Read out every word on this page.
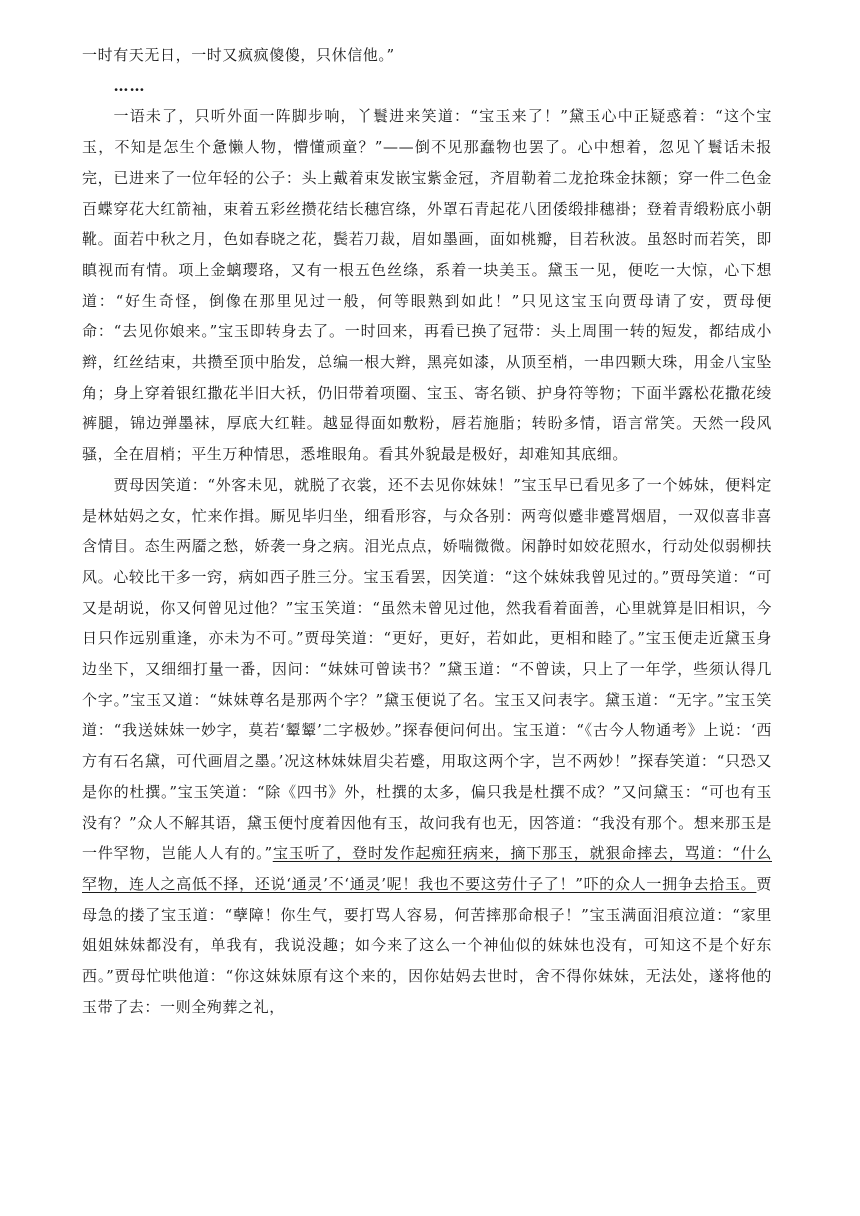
一时有天无日，一时又疯疯傻傻，只休信他。”

……

一语未了，只听外面一阵脚步响，丫鬟进来笑道：“宝玉来了！”黛玉心中正疑惑着：“这个宝玉，不知是怎生个惫懒人物，懵懂顽童？”——倒不见那蠢物也罢了。心中想着，忽见丫鬟话未报完，已进来了一位年轻的公子：头上戴着束发嵌宝紫金冠，齐眉勒着二龙抢珠金抹额；穿一件二色金百蝶穿花大红箭袖，束着五彩丝攒花结长穗宫绦，外罩石青起花八团倭缎排穗褂；登着青缎粉底小朝靴。面若中秋之月，色如春晓之花，鬓若刀裁，眉如墨画，面如桃瓣，目若秋波。虽怒时而若笑，即瞋视而有情。项上金螭璎珞，又有一根五色丝绦，系着一块美玉。黛玉一见，便吃一大惊，心下想道：“好生奇怪，倒像在那里见过一般，何等眼熟到如此！”只见这宝玉向贾母请了安，贾母便命：“去见你娘来。”宝玉即转身去了。一时回来，再看已换了冠带：头上周围一转的短发，都结成小辫，红丝结束，共攒至顶中胎发，总编一根大辫，黑亮如漆，从顶至梢，一串四颗大珠，用金八宝坠角；身上穿着银红撒花半旧大袄，仍旧带着项圈、宝玉、寄名锁、护身符等物；下面半露松花撒花绫裤腿，锦边弹墨袜，厚底大红鞋。越显得面如敷粉，唇若施脂；转盼多情，语言常笑。天然一段风骚，全在眉梢；平生万种情思，悉堆眼角。看其外貌最是极好，却难知其底细。

贾母因笑道：“外客未见，就脱了衣裳，还不去见你妹妹！”宝玉早已看见多了一个姊妹，便料定是林姑妈之女，忙来作揖。厮见毕归坐，细看形容，与众各别：两弯似蹙非蹙罥烟眉，一双似喜非喜含情目。态生两靥之愁，娇袭一身之病。泪光点点，娇喘微微。闲静时如姣花照水，行动处似弱柳扶风。心较比干多一窍，病如西子胜三分。宝玉看罢，因笑道：“这个妹妹我曾见过的。”贾母笑道：“可又是胡说，你又何曾见过他？”宝玉笑道：“虽然未曾见过他，然我看着面善，心里就算是旧相识，今日只作远别重逢，亦未为不可。”贾母笑道：“更好，更好，若如此，更相和睦了。”宝玉便走近黛玉身边坐下，又细细打量一番，因问：“妹妹可曾读书？”黛玉道：“不曾读，只上了一年学，些须认得几个字。”宝玉又道：“妹妹尊名是那两个字？”黛玉便说了名。宝玉又问表字。黛玉道：“无字。”宝玉笑道：“我送妹妹一妙字，莫若‘颦颦’二字极妙。”探春便问何出。宝玉道：“《古今人物通考》上说：‘西方有石名黛，可代画眉之墨。’况这林妹妹眉尖若蹙，用取这两个字，岂不两妙！”探春笑道：“只恐又是你的杜撰。”宝玉笑道：“除《四书》外，杜撰的太多，偏只我是杜撰不成？”又问黛玉：“可也有玉没有？”众人不解其语，黛玉便忖度着因他有玉，故问我有也无，因答道：“我没有那个。想来那玉是一件罕物，岂能人人有的。”宝玉听了，登时发作起痴狂病来，摘下那玉，就狠命摔去，骂道：“什么罕物，连人之高低不择，还说‘通灵’不‘通灵’呢！我也不要这劳什子了！”吓的众人一拥争去拾玉。贾母急的搂了宝玉道：“孽障！你生气，要打骂人容易，何苦摔那命根子！”宝玉满面泪痕泣道：“家里姐姐妹妹都没有，单我有，我说没趣；如今来了这么一个神仙似的妹妹也没有，可知这不是个好东西。”贾母忙哄他道：“你这妹妹原有这个来的，因你姑妈去世时，舍不得你妹妹，无法处，遂将他的玉带了去：一则全殉葬之礼，
